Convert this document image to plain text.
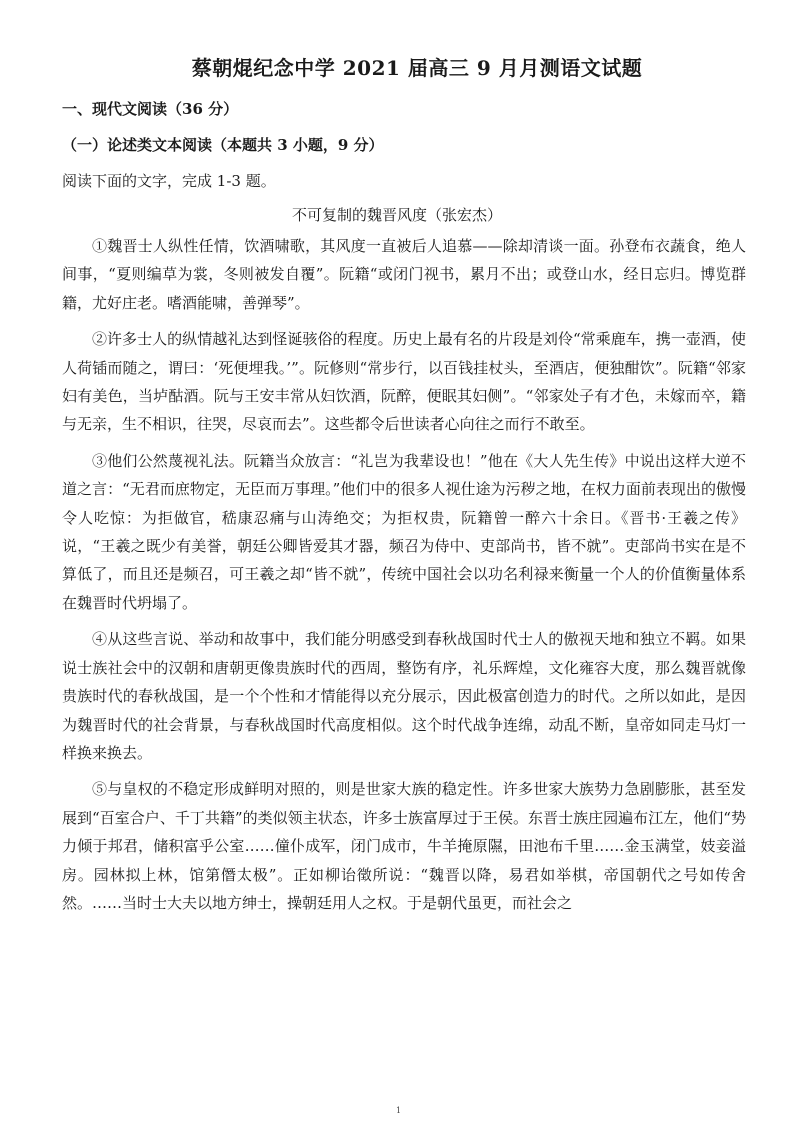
蔡朝焜纪念中学 2021 届高三 9 月月测语文试题
一、现代文阅读（36 分）
（一）论述类文本阅读（本题共 3 小题，9 分）
阅读下面的文字，完成 1-3 题。
不可复制的魏晋风度（张宏杰）

①魏晋士人纵性任情，饮酒啸歌，其风度一直被后人追慕——除却清谈一面。孙登布衣蔬食，绝人间事，“夏则编草为裳，冬则被发自覆”。阮籍“或闭门视书，累月不出；或登山水，经日忘归。博览群籍，尤好庄老。嗜酒能啸，善弹琴”。

②许多士人的纵情越礼达到怪诞骇俗的程度。历史上最有名的片段是刘伶“常乘鹿车，携一壶酒，使人荷锸而随之，谓曰：‘死便埋我。’”。阮修则“常步行，以百钱挂杖头，至酒店，便独酣饮”。阮籍“邻家妇有美色，当垆酤酒。阮与王安丰常从妇饮酒，阮醉，便眠其妇侧”。“邻家处子有才色，未嫁而卒，籍与无亲，生不相识，往哭，尽哀而去”。这些都令后世读者心向往之而行不敢至。

③他们公然蔑视礼法。阮籍当众放言：“礼岂为我辈设也！”他在《大人先生传》中说出这样大逆不道之言：“无君而庶物定，无臣而万事理。”他们中的很多人视仕途为污秽之地，在权力面前表现出的傲慢令人吃惊：为拒做官，嵇康忍痛与山涛绝交；为拒权贵，阮籍曾一醉六十余日。《晋书·王羲之传》说，“王羲之既少有美誉，朝廷公卿皆爱其才器，频召为侍中、吏部尚书，皆不就”。吏部尚书实在是不算低了，而且还是频召，可王羲之却“皆不就”，传统中国社会以功名利禄来衡量一个人的价值衡量体系在魏晋时代坍塌了。

④从这些言说、举动和故事中，我们能分明感受到春秋战国时代士人的傲视天地和独立不羁。如果说士族社会中的汉朝和唐朝更像贵族时代的西周，整饬有序，礼乐辉煌，文化雍容大度，那么魏晋就像贵族时代的春秋战国，是一个个性和才情能得以充分展示，因此极富创造力的时代。之所以如此，是因为魏晋时代的社会背景，与春秋战国时代高度相似。这个时代战争连绵，动乱不断，皇帝如同走马灯一样换来换去。

⑤与皇权的不稳定形成鲜明对照的，则是世家大族的稳定性。许多世家大族势力急剧膨胀，甚至发展到“百室合户、千丁共籍”的类似领主状态，许多士族富厚过于王侯。东晋士族庄园遍布江左，他们“势力倾于邦君，储积富乎公室……僮仆成军，闭门成市，牛羊掩原隰，田池布千里……金玉满堂，妓妾溢房。园林拟上林，馆第僭太极”。正如柳诒徵所说：“魏晋以降，易君如举棋，帝国朝代之号如传舍然。……当时士大夫以地方绅士，操朝廷用人之权。于是朝代虽更，而社会之

1
